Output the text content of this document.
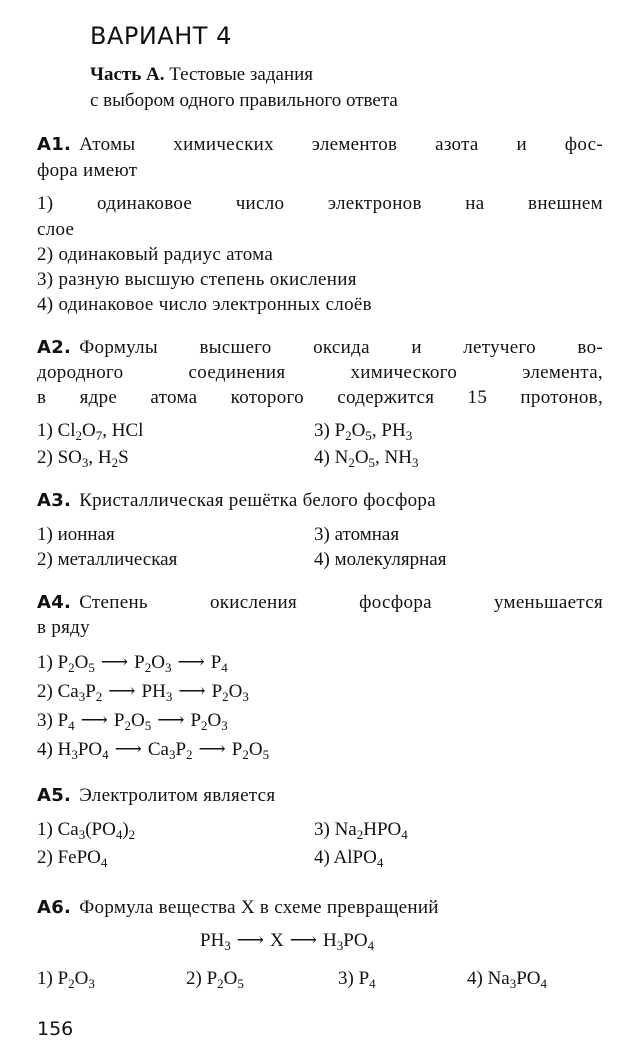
ВАРИАНТ 4
Часть А. Тестовые задания
с выбором одного правильного ответа
А1. Атомы химических элементов азота и фос-
фора имеют
1) одинаковое число электронов на внешнем
слое
2) одинаковый радиус атома
3) разную высшую степень окисления
4) одинаковое число электронных слоёв
А2. Формулы высшего оксида и летучего во-
дородного соединения химического элемента,
в ядре атома которого содержится 15 протонов,
1) $Cl_2O_7$, HCl	3) $P_2O_5$, $PH_3$
2) $SO_3$, $H_2S$	4) $N_2O_5$, $NH_3$
А3. Кристаллическая решётка белого фосфора
1) ионная	3) атомная
2) металлическая	4) молекулярная
А4. Степень окисления фосфора уменьшается
в ряду
1) $P_2O_5$ ⟶ $P_2O_3$ ⟶ $P_4$
2) $Ca_3P_2$ ⟶ $PH_3$ ⟶ $P_2O_3$
3) $P_4$ ⟶ $P_2O_5$ ⟶ $P_2O_3$
4) $H_3PO_4$ ⟶ $Ca_3P_2$ ⟶ $P_2O_5$
А5. Электролитом является
1) $Ca_3(PO_4)_2$	3) $Na_2HPO_4$
2) FePO$_4$	4) AlPO$_4$
А6. Формула вещества X в схеме превращений
$PH_3$ ⟶ X ⟶ $H_3PO_4$
1) $P_2O_3$	2) $P_2O_5$	3) $P_4$	4) $Na_3PO_4$
156
